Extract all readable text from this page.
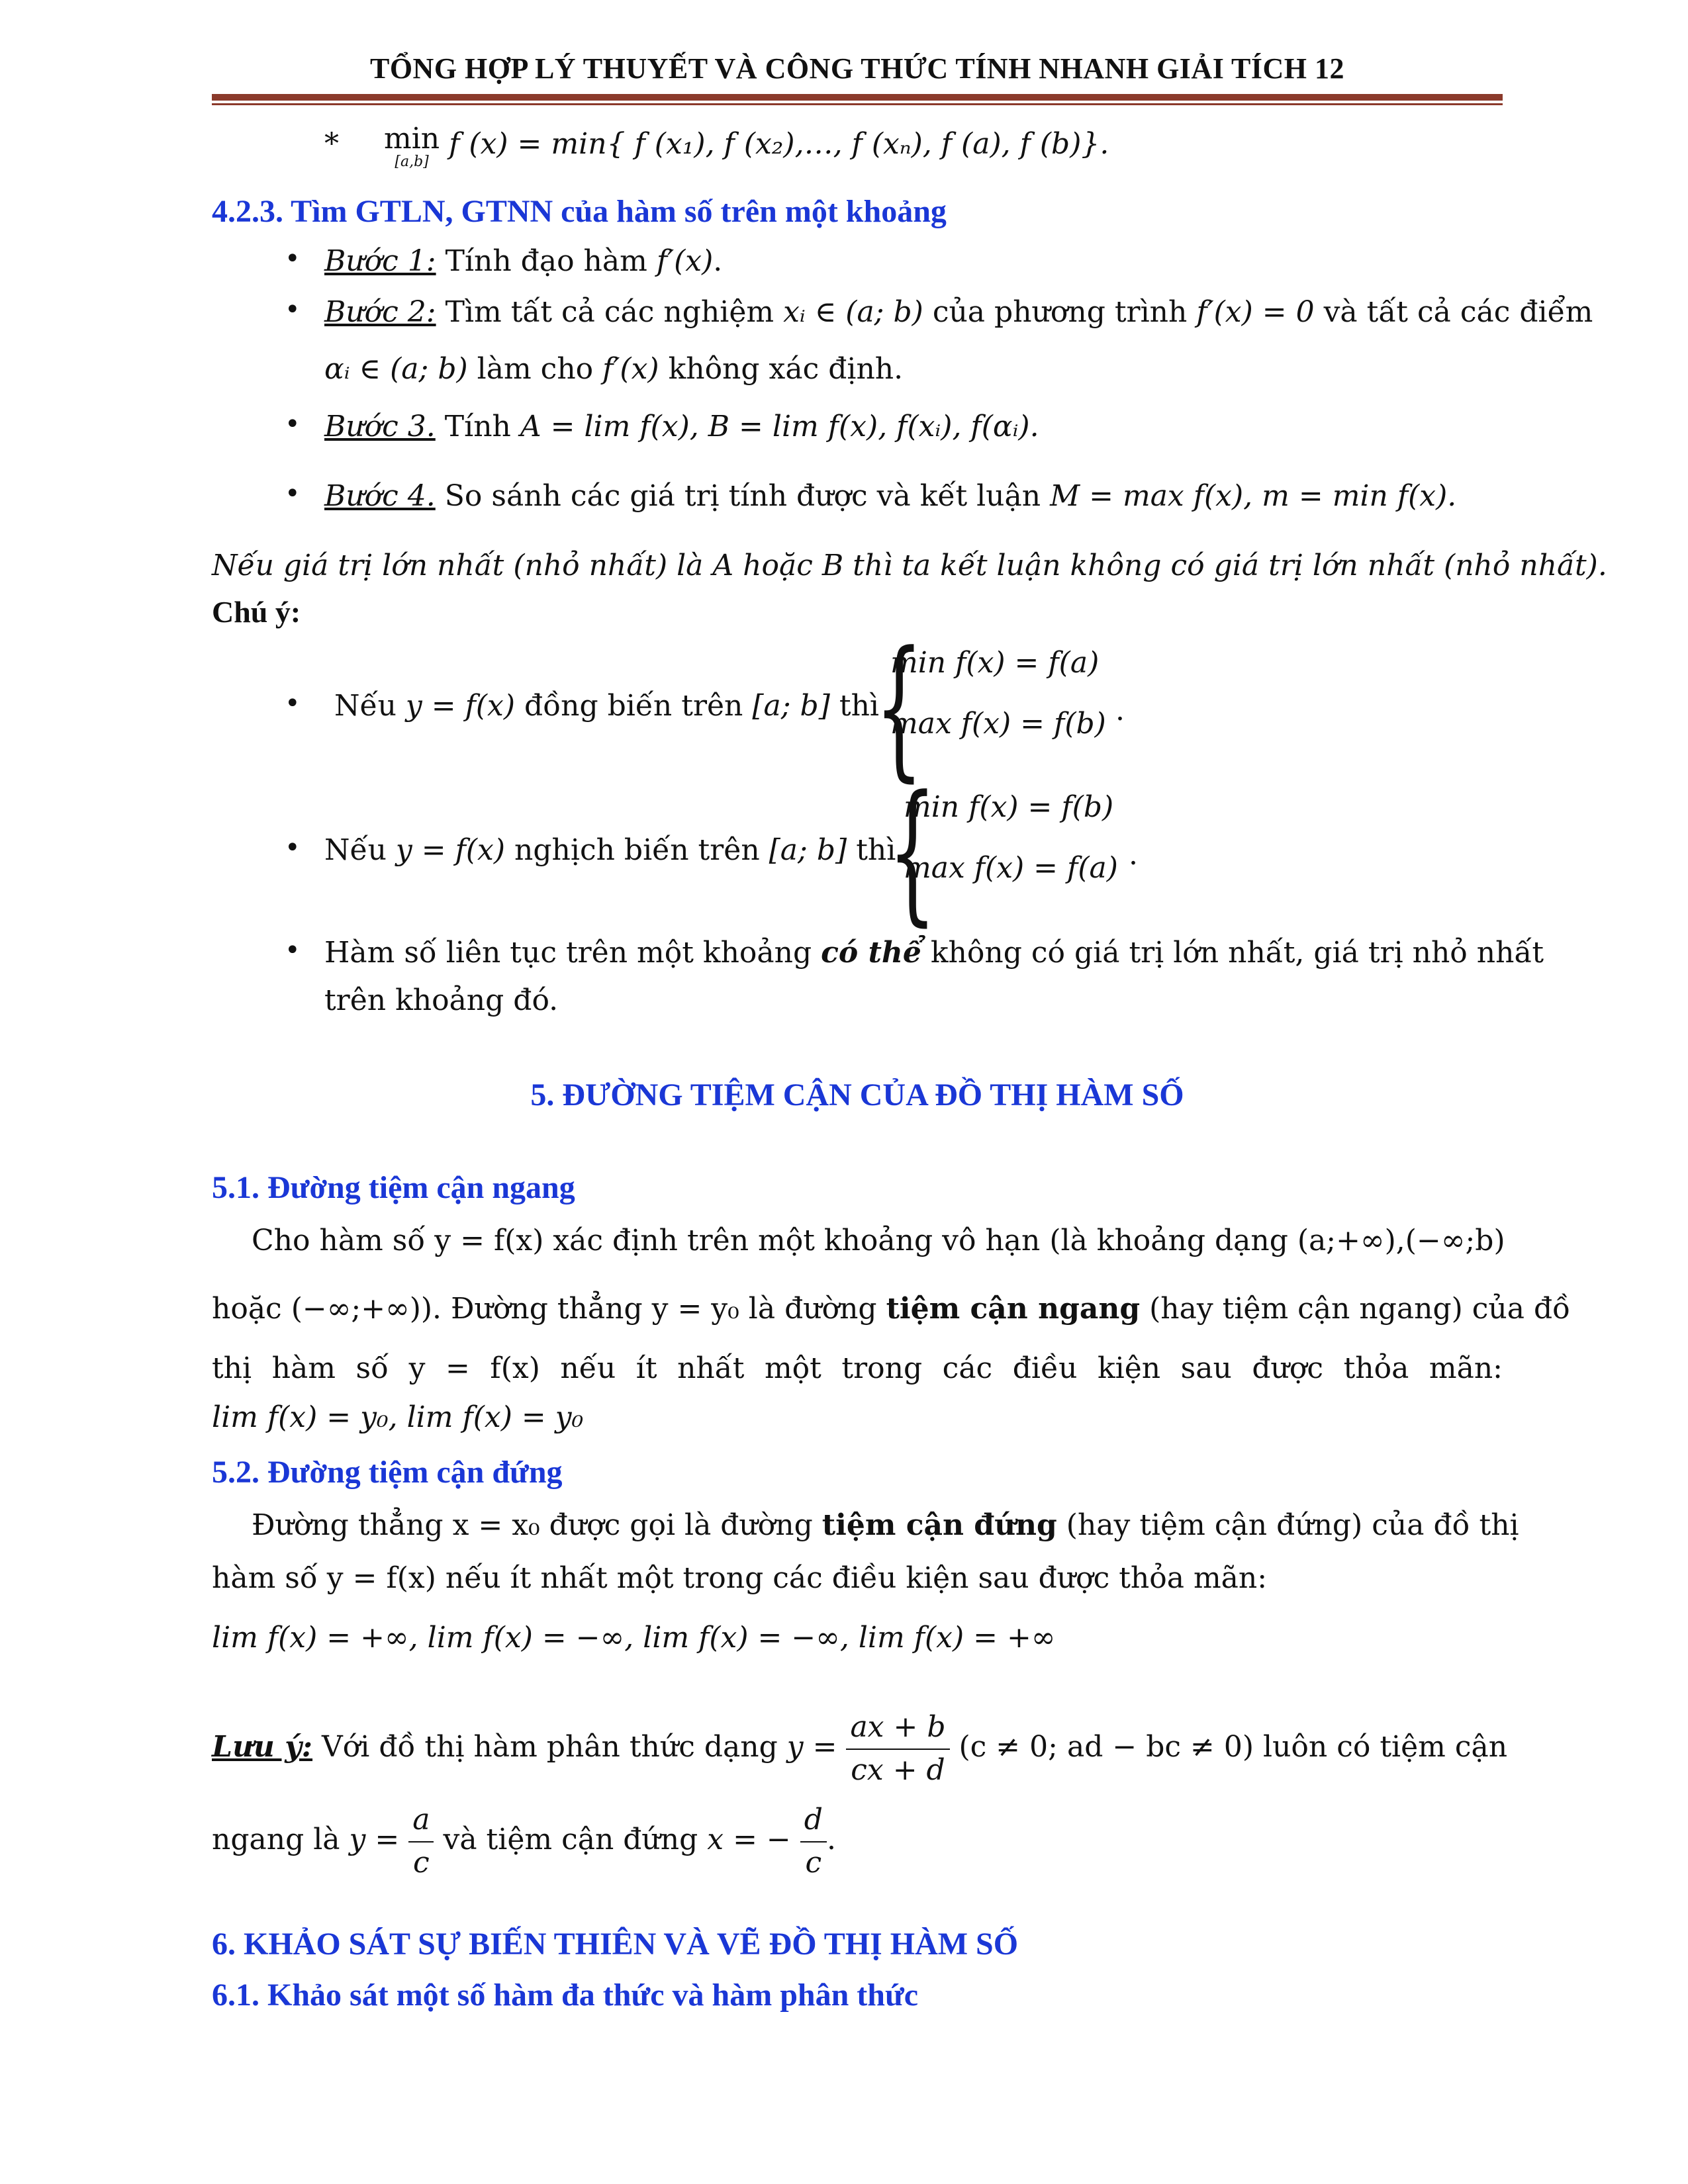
TỔNG HỢP LÝ THUYẾT VÀ CÔNG THỨC TÍNH NHANH GIẢI TÍCH 12
* min
[a,b]
f (x) = min{ f (x₁), f (x₂),…, f (xₙ), f (a), f (b)}.
4.2.3. Tìm GTLN, GTNN của hàm số trên một khoảng
• Bước 1: Tính đạo hàm f′(x).
• Bước 2: Tìm tất cả các nghiệm xᵢ ∈ (a; b) của phương trình f′(x) = 0 và tất cả các điểm
αᵢ ∈ (a; b) làm cho f′(x) không xác định.
• Bước 3. Tính A = lim f(x), B = lim f(x), f(xᵢ), f(αᵢ).
• Bước 4. So sánh các giá trị tính được và kết luận M = max f(x), m = min f(x).
Nếu giá trị lớn nhất (nhỏ nhất) là A hoặc B thì ta kết luận không có giá trị lớn nhất (nhỏ nhất).
Chú ý:
• Nếu y = f(x) đồng biến trên [a; b] thì
{
min f(x) = f(a)
max f(x) = f(b) .
• Nếu y = f(x) nghịch biến trên [a; b] thì
{
min f(x) = f(b)
max f(x) = f(a) .
• Hàm số liên tục trên một khoảng có thể không có giá trị lớn nhất, giá trị nhỏ nhất
trên khoảng đó.
5. ĐƯỜNG TIỆM CẬN CỦA ĐỒ THỊ HÀM SỐ
5.1. Đường tiệm cận ngang
Cho hàm số y = f(x) xác định trên một khoảng vô hạn (là khoảng dạng (a;+∞),(−∞;b)
hoặc (−∞;+∞)). Đường thẳng y = y₀ là đường tiệm cận ngang (hay tiệm cận ngang) của đồ
thị hàm số y = f(x) nếu ít nhất một trong các điều kiện sau được thỏa mãn:
lim f(x) = y₀, lim f(x) = y₀
5.2. Đường tiệm cận đứng
Đường thẳng x = x₀ được gọi là đường tiệm cận đứng (hay tiệm cận đứng) của đồ thị
hàm số y = f(x) nếu ít nhất một trong các điều kiện sau được thỏa mãn:
lim f(x) = +∞, lim f(x) = −∞, lim f(x) = −∞, lim f(x) = +∞
Lưu ý: Với đồ thị hàm phân thức dạng $y = \frac{ax + b}{cx + d} (c \ne 0$; ad − bc ≠ 0) luôn có tiệm cận
ngang là $y = \frac{a}{c}$ và tiệm cận đứng x = − $\frac{d}{c}$ .
6. KHẢO SÁT SỰ BIẾN THIÊN VÀ VẼ ĐỒ THỊ HÀM SỐ
6.1. Khảo sát một số hàm đa thức và hàm phân thức
